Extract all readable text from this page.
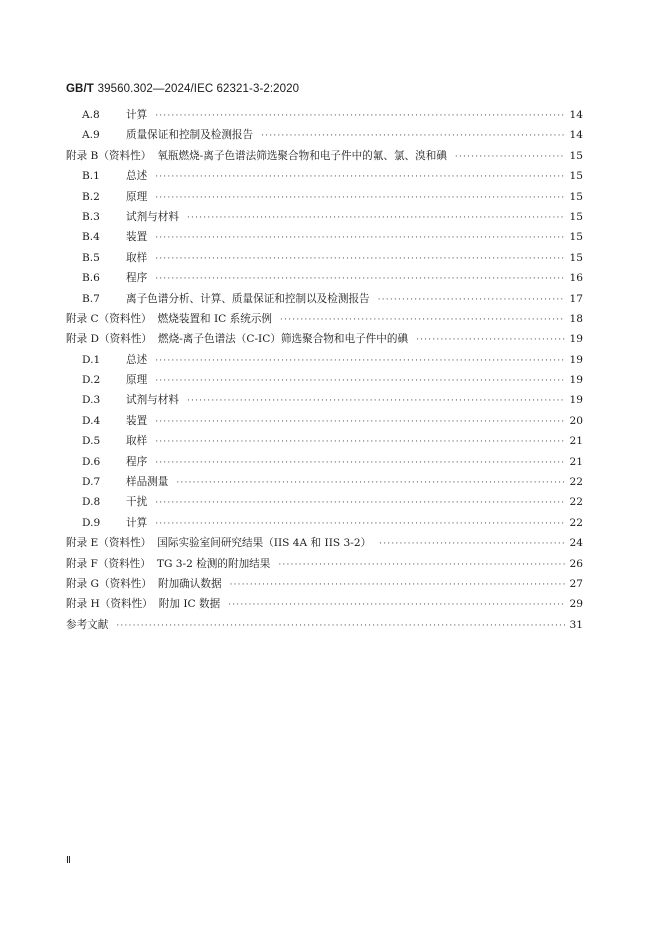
GB/T 39560.302—2024/IEC 62321-3-2:2020
A.8	计算 ·····	14
A.9	质量保证和控制及检测报告 ·····	14
附录 B（资料性） 氧瓶燃烧-离子色谱法筛选聚合物和电子件中的氟、氯、溴和碘 ·····	15
B.1	总述 ·····	15
B.2	原理 ·····	15
B.3	试剂与材料 ·····	15
B.4	装置 ·····	15
B.5	取样 ·····	15
B.6	程序 ·····	16
B.7	离子色谱分析、计算、质量保证和控制以及检测报告 ·····	17
附录 C（资料性） 燃烧装置和 IC 系统示例 ·····	18
附录 D（资料性） 燃烧-离子色谱法（C-IC）筛选聚合物和电子件中的碘 ·····	19
D.1	总述 ·····	19
D.2	原理 ·····	19
D.3	试剂与材料 ·····	19
D.4	装置 ·····	20
D.5	取样 ·····	21
D.6	程序 ·····	21
D.7	样品测量 ·····	22
D.8	干扰 ·····	22
D.9	计算 ·····	22
附录 E（资料性） 国际实验室间研究结果（IIS 4A 和 IIS 3-2） ·····	24
附录 F（资料性） TG 3-2 检测的附加结果 ·····	26
附录 G（资料性） 附加确认数据 ·····	27
附录 H（资料性） 附加 IC 数据 ·····	29
参考文献 ·····	31
Ⅱ
